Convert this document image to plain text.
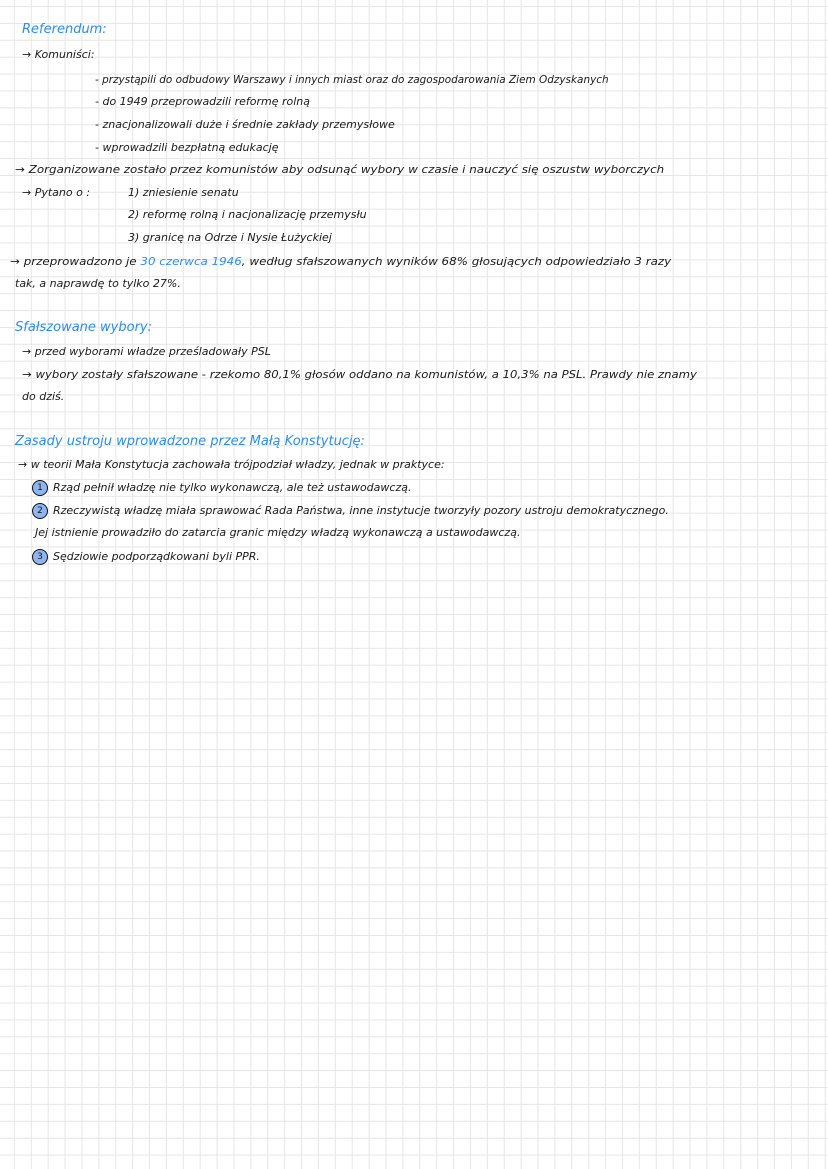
Referendum:
→ Komuniści:
- przystąpili do odbudowy Warszawy i innych miast oraz do zagospodarowania Ziem Odzyskanych
- do 1949 przeprowadzili reformę rolną
- znacjonalizowali duże i średnie zakłady przemysłowe
- wprowadzili bezpłatną edukację
→ Zorganizowane zostało przez komunistów aby odsunąć wybory w czasie i nauczyć się oszustw wyborczych
→ Pytano o :	1) zniesienie senatu
2) reformę rolną i nacjonalizację przemysłu
3) granicę na Odrze i Nysie Łużyckiej
→ przeprowadzono je 30 czerwca 1946, według sfałszowanych wyników 68% głosujących odpowiedziało 3 razy
tak, a naprawdę to tylko 27%.
Sfałszowane wybory:
→ przed wyborami władze prześladowały PSL
→ wybory zostały sfałszowane - rzekomo 80,1% głosów oddano na komunistów, a 10,3% na PSL. Prawdy nie znamy
do dziś.
Zasady ustroju wprowadzone przez Małą Konstytucję:
→ w teorii Mała Konstytucja zachowała trójpodział władzy, jednak w praktyce:
1 Rząd pełnił władzę nie tylko wykonawczą, ale też ustawodawczą.
2 Rzeczywistą władzę miała sprawować Rada Państwa, inne instytucje tworzyły pozory ustroju demokratycznego.
Jej istnienie prowadziło do zatarcia granic między władzą wykonawczą a ustawodawczą.
3 Sędziowie podporządkowani byli PPR.
